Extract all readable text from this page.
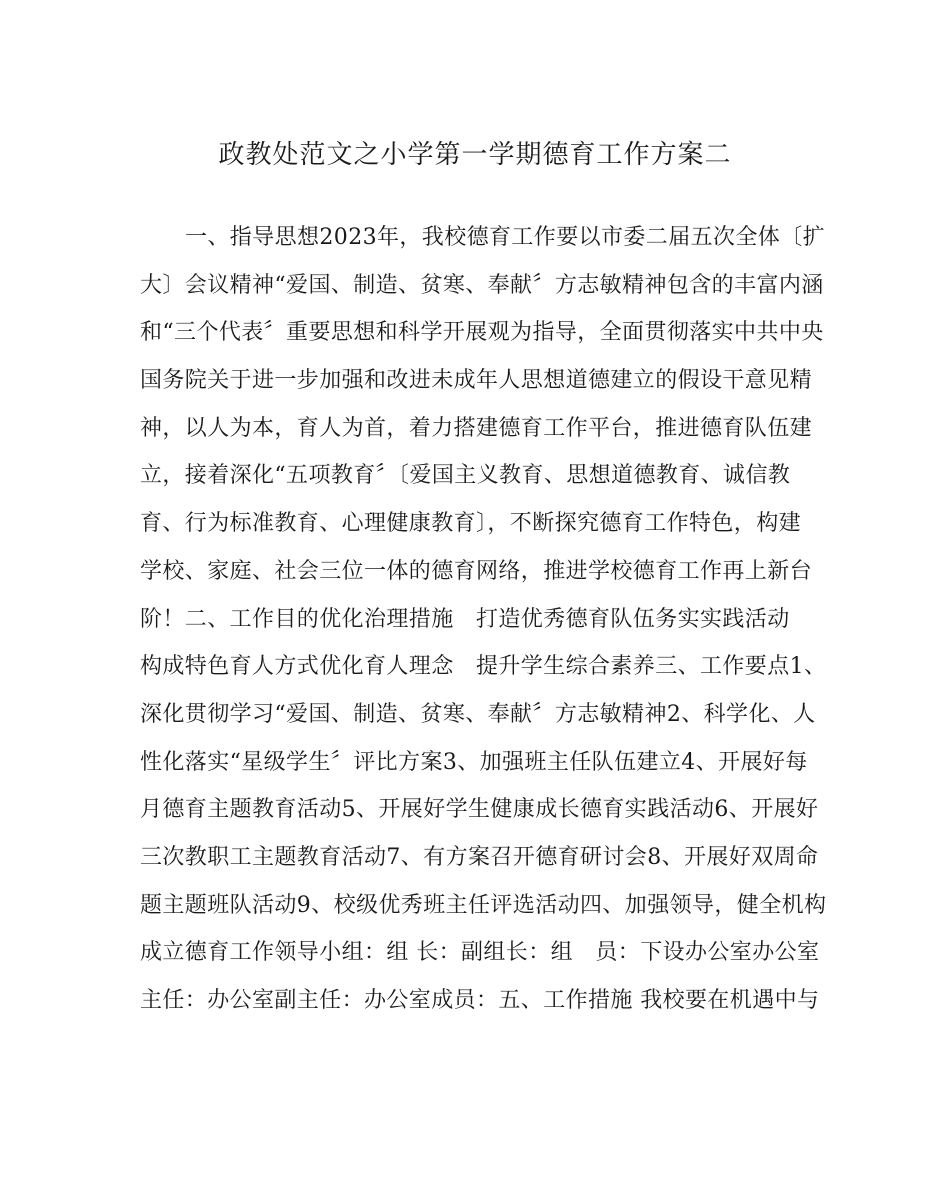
政教处范文之小学第一学期德育工作方案二
一、指导思想2023年，我校德育工作要以市委二届五次全体〔扩
大〕会议精神“爱国、制造、贫寒、奉献〞方志敏精神包含的丰富内涵
和“三个代表〞重要思想和科学开展观为指导，全面贯彻落实中共中央
国务院关于进一步加强和改进未成年人思想道德建立的假设干意见精
神，以人为本，育人为首，着力搭建德育工作平台，推进德育队伍建
立，接着深化“五项教育〞〔爱国主义教育、思想道德教育、诚信教
育、行为标准教育、心理健康教育〕，不断探究德育工作特色，构建
学校、家庭、社会三位一体的德育网络，推进学校德育工作再上新台
阶！二、工作目的优化治理措施　打造优秀德育队伍务实实践活动
构成特色育人方式优化育人理念　提升学生综合素养三、工作要点1、
深化贯彻学习“爱国、制造、贫寒、奉献〞方志敏精神2、科学化、人
性化落实“星级学生〞评比方案3、加强班主任队伍建立4、开展好每
月德育主题教育活动5、开展好学生健康成长德育实践活动6、开展好
三次教职工主题教育活动7、有方案召开德育研讨会8、开展好双周命
题主题班队活动9、校级优秀班主任评选活动四、加强领导，健全机构
成立德育工作领导小组：组 长：副组长：组　员：下设办公室办公室
主任：办公室副主任：办公室成员：五、工作措施 我校要在机遇中与
